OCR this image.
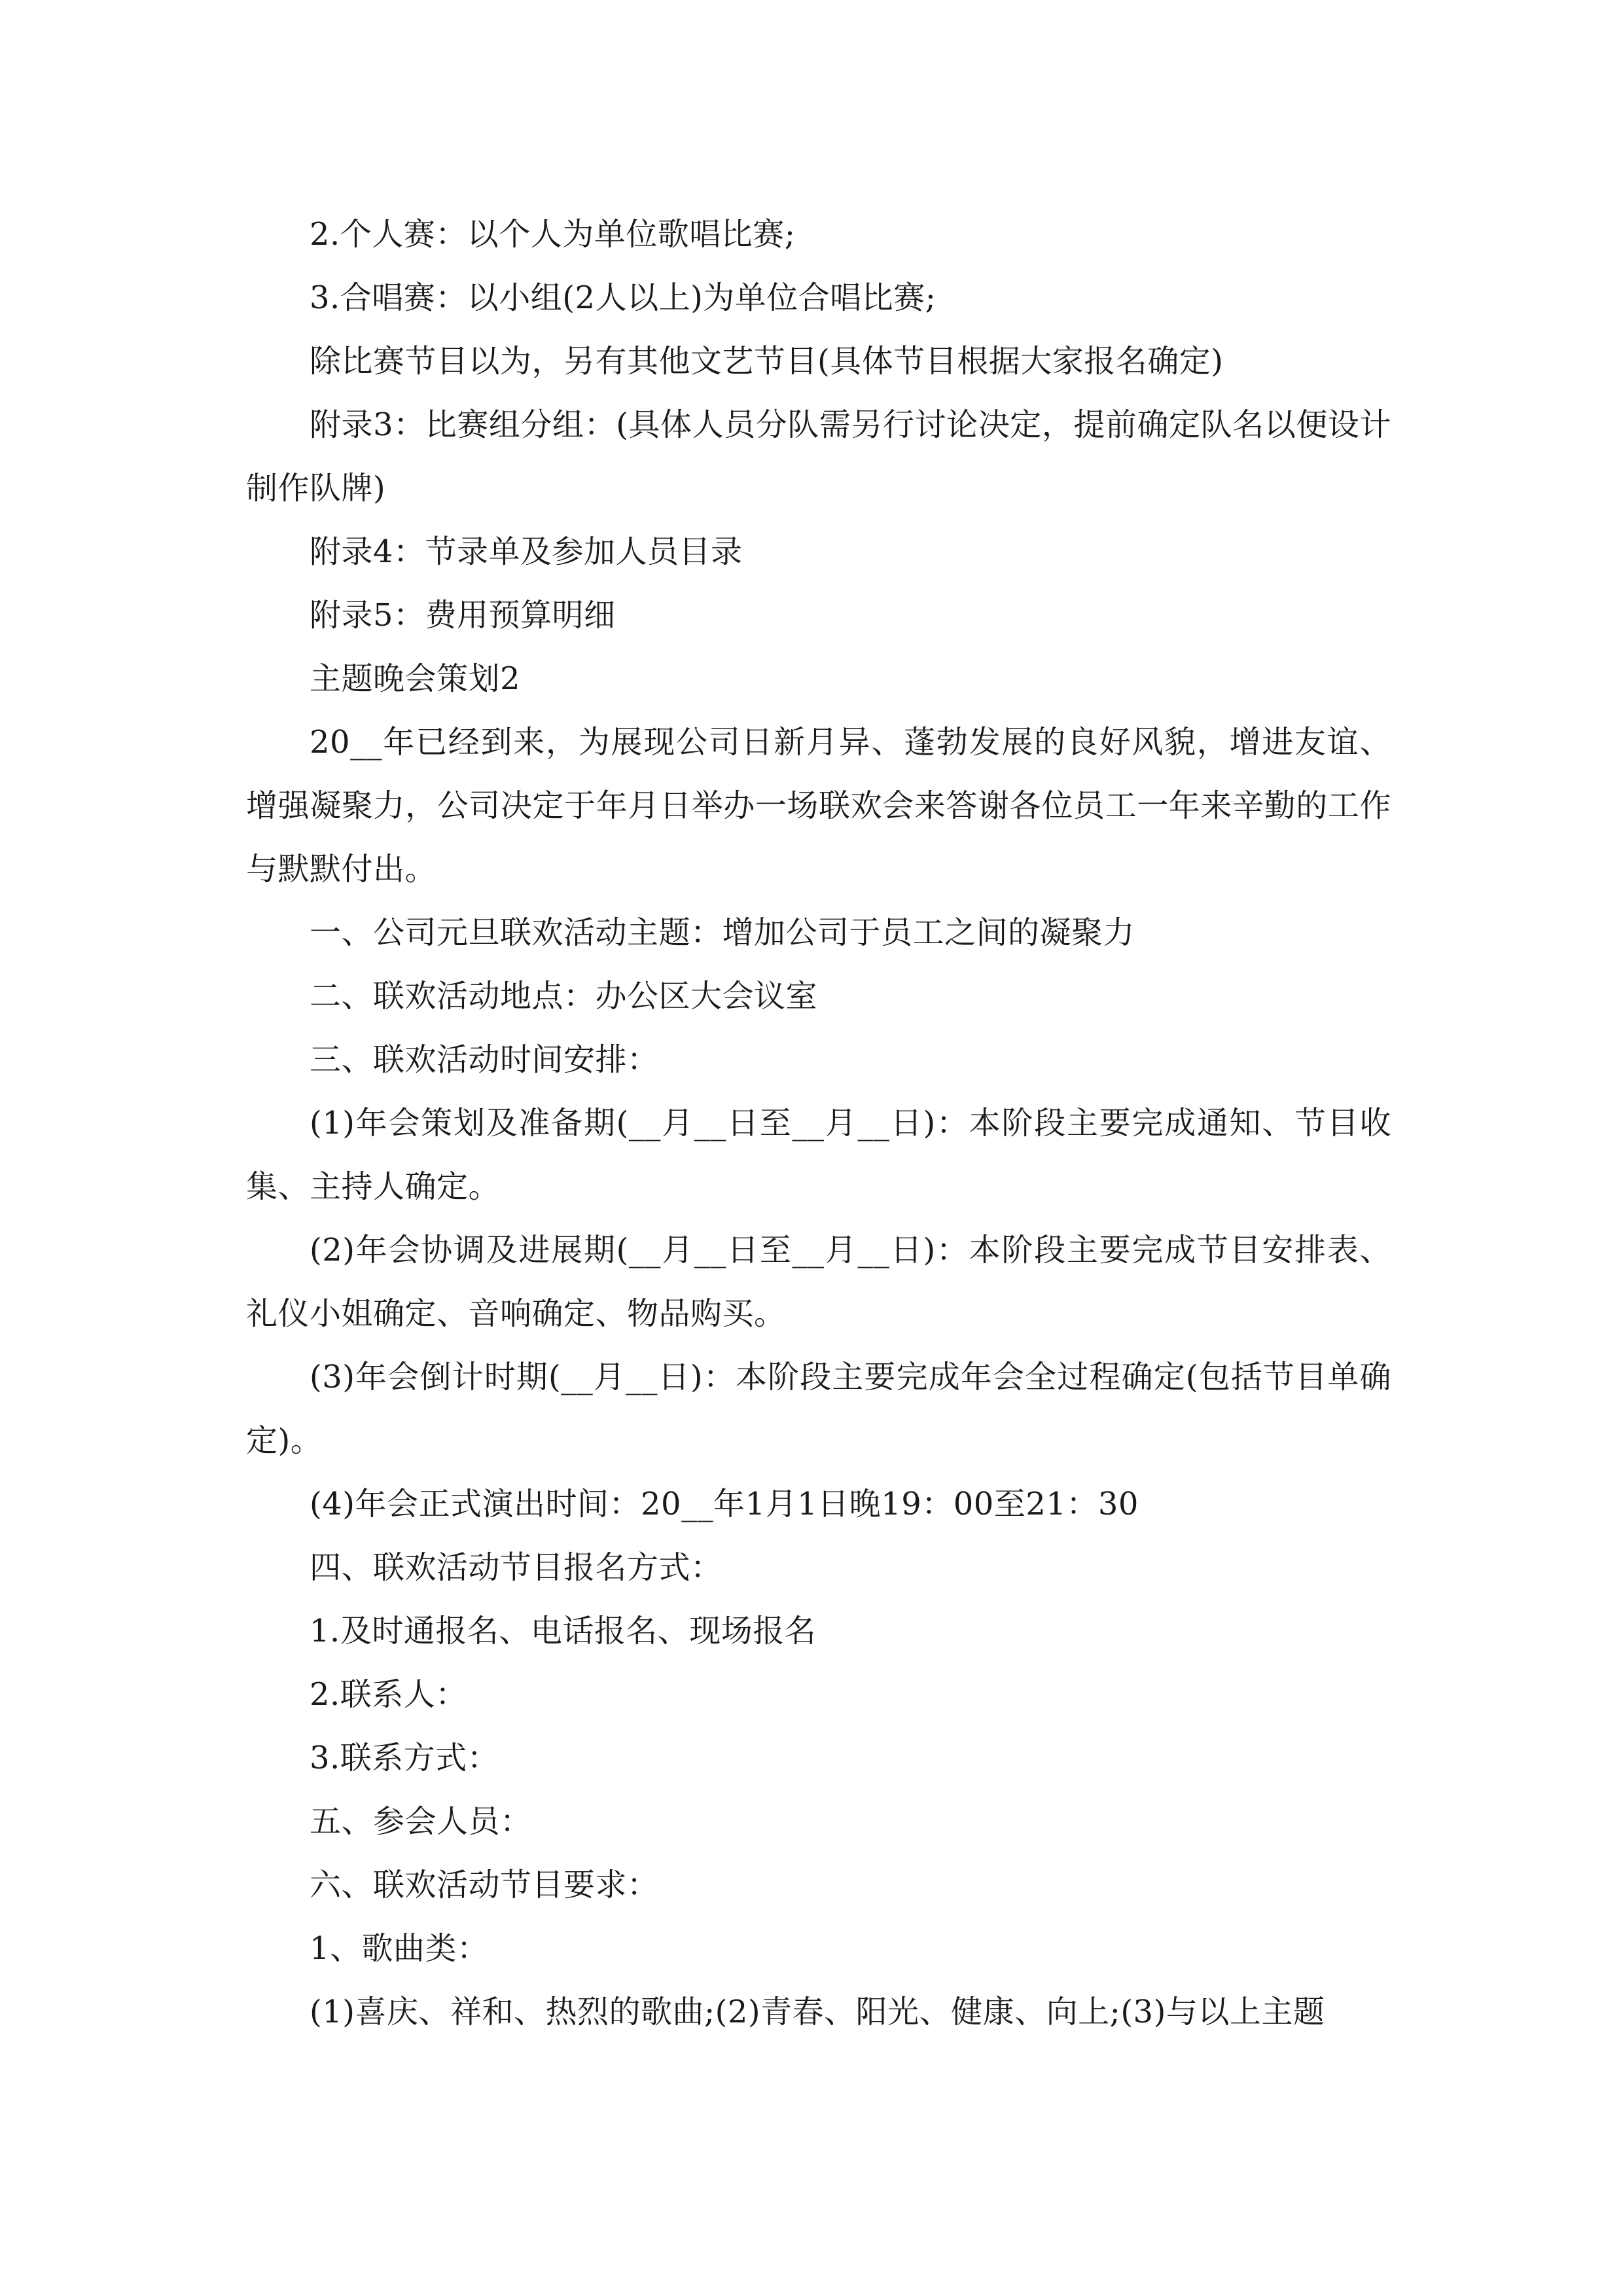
2.个人赛：以个人为单位歌唱比赛;

3.合唱赛：以小组(2人以上)为单位合唱比赛;

除比赛节目以为，另有其他文艺节目(具体节目根据大家报名确定)

附录3：比赛组分组：(具体人员分队需另行讨论决定，提前确定队名以便设计制作队牌)

附录4：节录单及参加人员目录

附录5：费用预算明细

主题晚会策划2

20__年已经到来，为展现公司日新月异、蓬勃发展的良好风貌，增进友谊、增强凝聚力，公司决定于年月日举办一场联欢会来答谢各位员工一年来辛勤的工作与默默付出。

一、公司元旦联欢活动主题：增加公司于员工之间的凝聚力

二、联欢活动地点：办公区大会议室

三、联欢活动时间安排：

(1)年会策划及准备期(__月__日至__月__日)：本阶段主要完成通知、节目收集、主持人确定。

(2)年会协调及进展期(__月__日至__月__日)：本阶段主要完成节目安排表、礼仪小姐确定、音响确定、物品购买。

(3)年会倒计时期(__月__日)：本阶段主要完成年会全过程确定(包括节目单确定)。

(4)年会正式演出时间：20__年1月1日晚19：00至21：30

四、联欢活动节目报名方式：

1.及时通报名、电话报名、现场报名

2.联系人：

3.联系方式：

五、参会人员：

六、联欢活动节目要求：

1、歌曲类：

(1)喜庆、祥和、热烈的歌曲;(2)青春、阳光、健康、向上;(3)与以上主题
